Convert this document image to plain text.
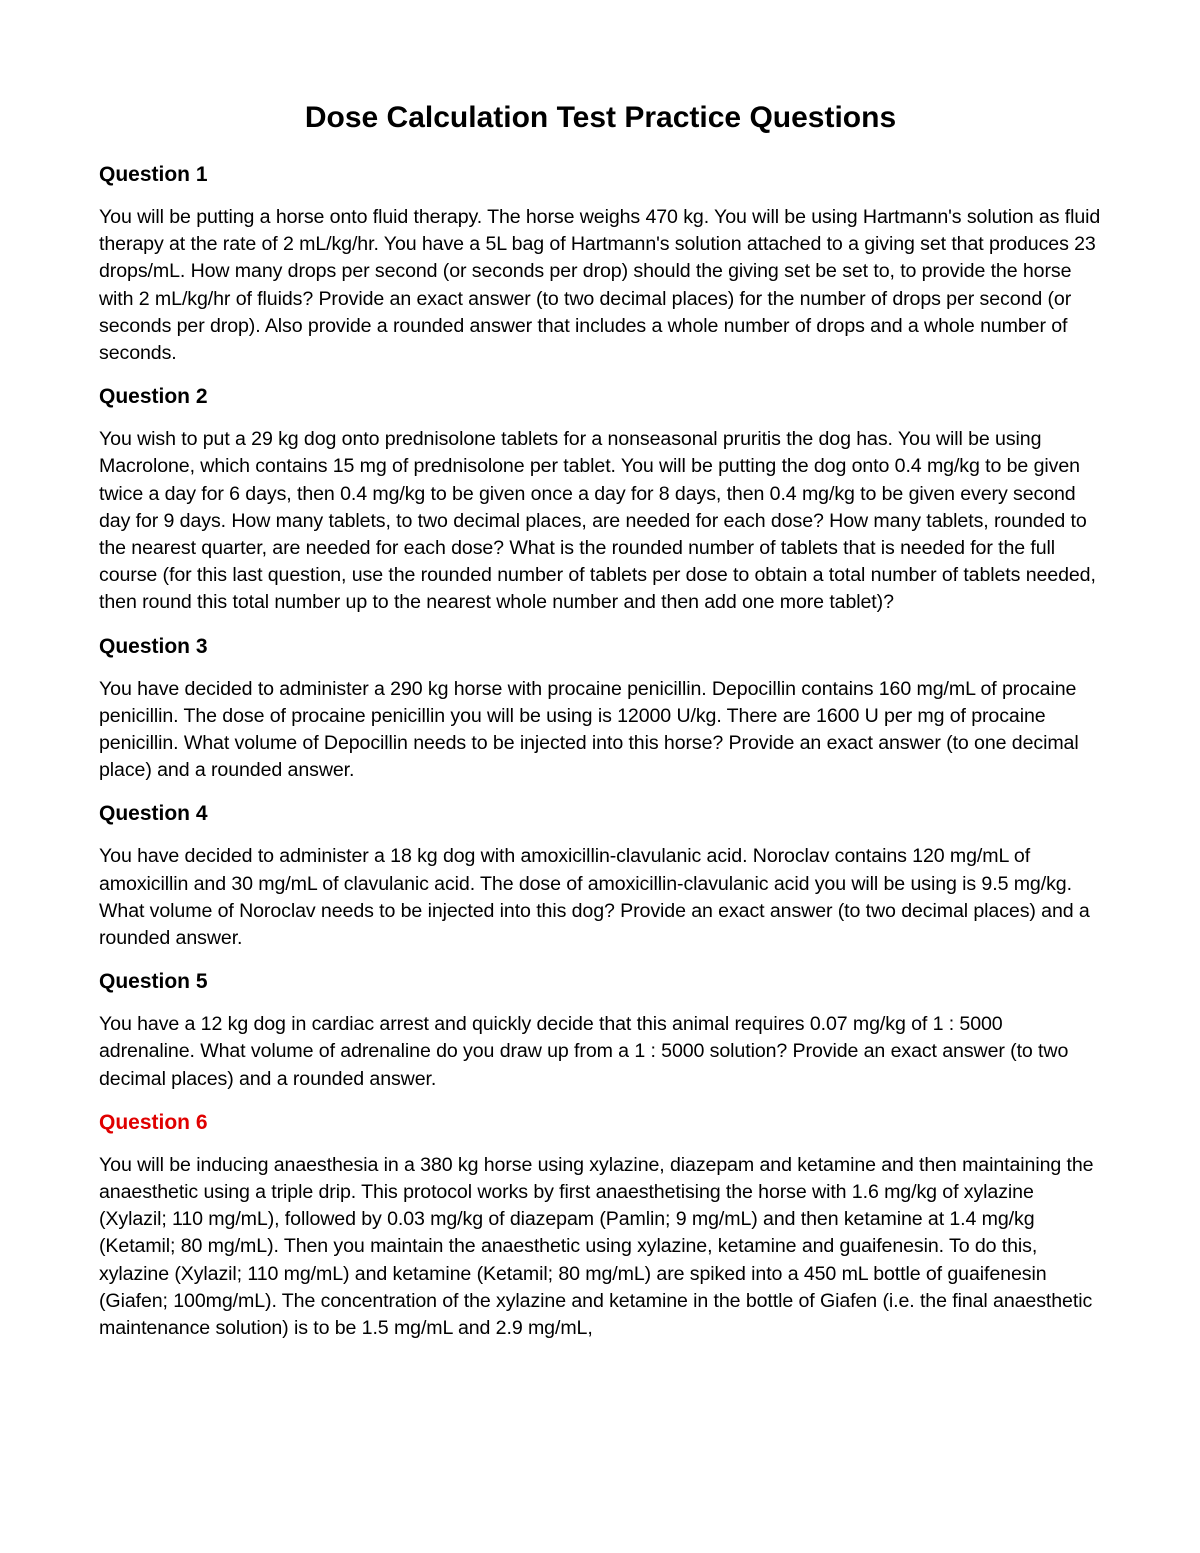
Dose Calculation Test Practice Questions
Question 1

You will be putting a horse onto fluid therapy. The horse weighs 470 kg. You will be using Hartmann's solution as fluid therapy at the rate of 2 mL/kg/hr. You have a 5L bag of Hartmann's solution attached to a giving set that produces 23 drops/mL. How many drops per second (or seconds per drop) should the giving set be set to, to provide the horse with 2 mL/kg/hr of fluids? Provide an exact answer (to two decimal places) for the number of drops per second (or seconds per drop). Also provide a rounded answer that includes a whole number of drops and a whole number of seconds.

Question 2

You wish to put a 29 kg dog onto prednisolone tablets for a nonseasonal pruritis the dog has. You will be using Macrolone, which contains 15 mg of prednisolone per tablet. You will be putting the dog onto 0.4 mg/kg to be given twice a day for 6 days, then 0.4 mg/kg to be given once a day for 8 days, then 0.4 mg/kg to be given every second day for 9 days. How many tablets, to two decimal places, are needed for each dose? How many tablets, rounded to the nearest quarter, are needed for each dose? What is the rounded number of tablets that is needed for the full course (for this last question, use the rounded number of tablets per dose to obtain a total number of tablets needed, then round this total number up to the nearest whole number and then add one more tablet)?

Question 3

You have decided to administer a 290 kg horse with procaine penicillin. Depocillin contains 160 mg/mL of procaine penicillin. The dose of procaine penicillin you will be using is 12000 U/kg. There are 1600 U per mg of procaine penicillin. What volume of Depocillin needs to be injected into this horse? Provide an exact answer (to one decimal place) and a rounded answer.

Question 4

You have decided to administer a 18 kg dog with amoxicillin-clavulanic acid. Noroclav contains 120 mg/mL of amoxicillin and 30 mg/mL of clavulanic acid. The dose of amoxicillin-clavulanic acid you will be using is 9.5 mg/kg. What volume of Noroclav needs to be injected into this dog? Provide an exact answer (to two decimal places) and a rounded answer.

Question 5

You have a 12 kg dog in cardiac arrest and quickly decide that this animal requires 0.07 mg/kg of 1 : 5000 adrenaline. What volume of adrenaline do you draw up from a 1 : 5000 solution? Provide an exact answer (to two decimal places) and a rounded answer.

Question 6

You will be inducing anaesthesia in a 380 kg horse using xylazine, diazepam and ketamine and then maintaining the anaesthetic using a triple drip. This protocol works by first anaesthetising the horse with 1.6 mg/kg of xylazine (Xylazil; 110 mg/mL), followed by 0.03 mg/kg of diazepam (Pamlin; 9 mg/mL) and then ketamine at 1.4 mg/kg (Ketamil; 80 mg/mL). Then you maintain the anaesthetic using xylazine, ketamine and guaifenesin. To do this, xylazine (Xylazil; 110 mg/mL) and ketamine (Ketamil; 80 mg/mL) are spiked into a 450 mL bottle of guaifenesin (Giafen; 100mg/mL). The concentration of the xylazine and ketamine in the bottle of Giafen (i.e. the final anaesthetic maintenance solution) is to be 1.5 mg/mL and 2.9 mg/mL,
